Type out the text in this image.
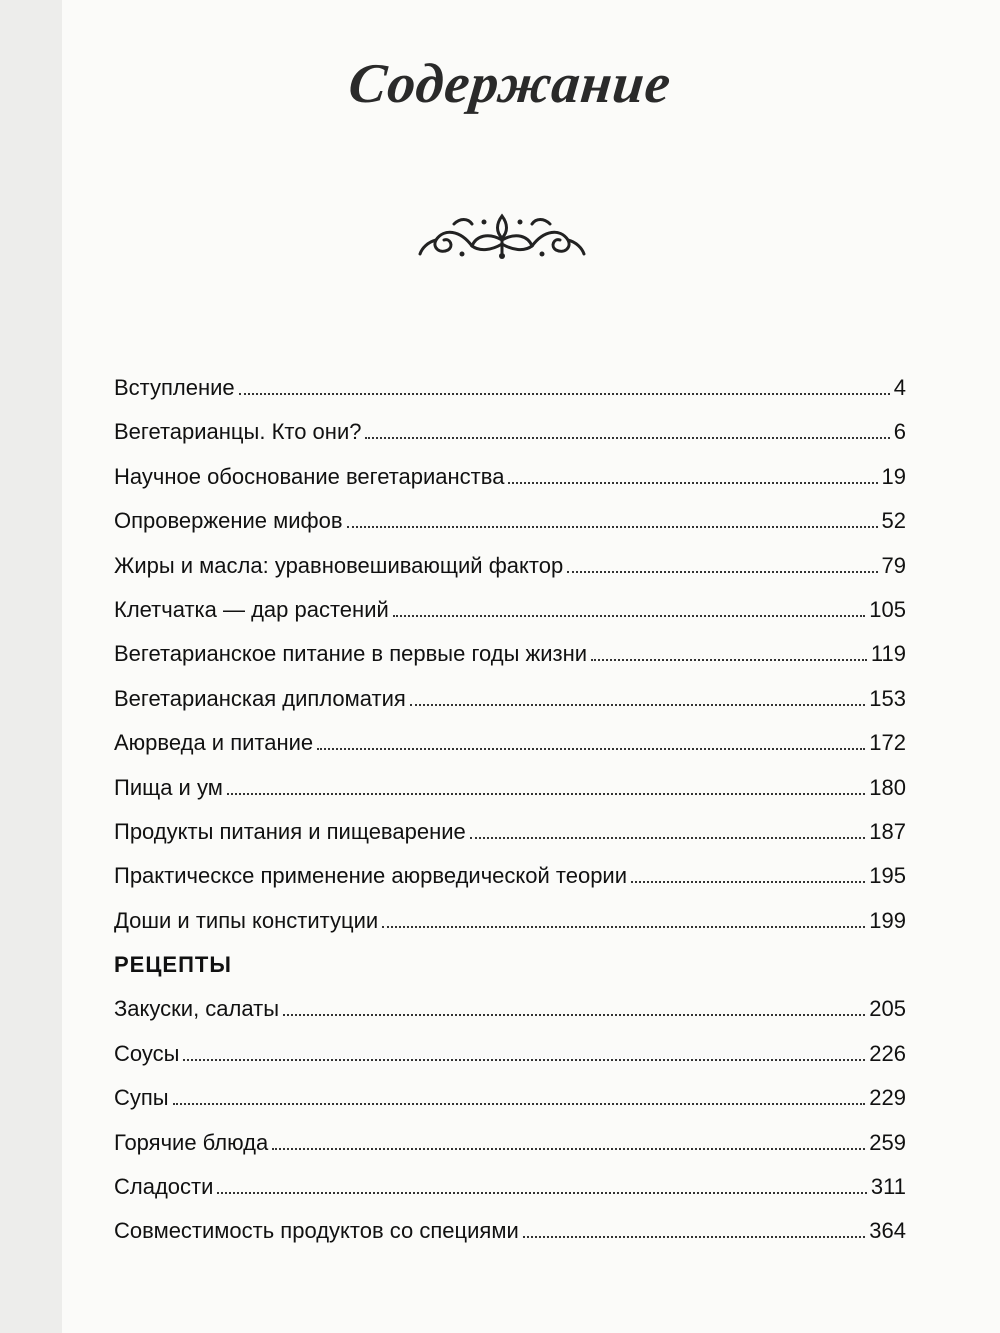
Содержание
Вступление	4
Вегетарианцы. Кто они?	6
Научное обоснование вегетарианства	19
Опровержение мифов	52
Жиры и масла: уравновешивающий фактор	79
Клетчатка — дар растений	105
Вегетарианское питание в первые годы жизни	119
Вегетарианская дипломатия	153
Аюрведа и питание	172
Пища и ум	180
Продукты питания и пищеварение	187
Практическсе применение аюрведической теории	195
Доши и типы конституции	199
РЕЦЕПТЫ
Закуски, салаты	205
Соусы	226
Супы	229
Горячие блюда	259
Сладости	311
Совместимость продуктов со специями	364
